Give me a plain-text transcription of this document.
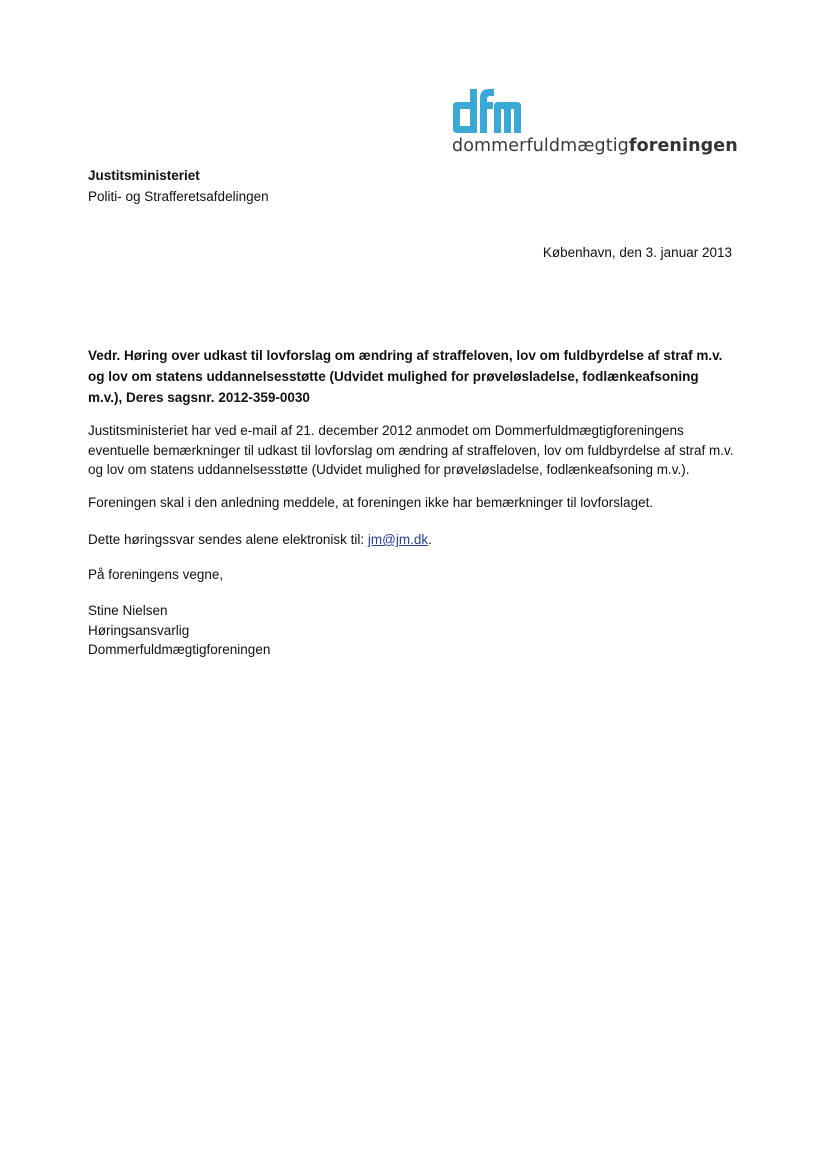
dommerfuldmægtigforeningen
Justitsministeriet
Politi- og Strafferetsafdelingen
København, den 3. januar 2013
Vedr. Høring over udkast til lovforslag om ændring af straffeloven, lov om fuldbyrdelse af straf m.v. og lov om statens uddannelsesstøtte (Udvidet mulighed for prøveløsladelse, fodlænkeafsoning m.v.), Deres sagsnr. 2012-359-0030
Justitsministeriet har ved e-mail af 21. december 2012 anmodet om Dommerfuldmægtigforeningens eventuelle bemærkninger til udkast til lovforslag om ændring af straffeloven, lov om fuldbyrdelse af straf m.v. og lov om statens uddannelsesstøtte (Udvidet mulighed for prøveløsladelse, fodlænkeafsoning m.v.).
Foreningen skal i den anledning meddele, at foreningen ikke har bemærkninger til lovforslaget.
Dette høringssvar sendes alene elektronisk til: jm@jm.dk.
På foreningens vegne,
Stine Nielsen
Høringsansvarlig
Dommerfuldmægtigforeningen
